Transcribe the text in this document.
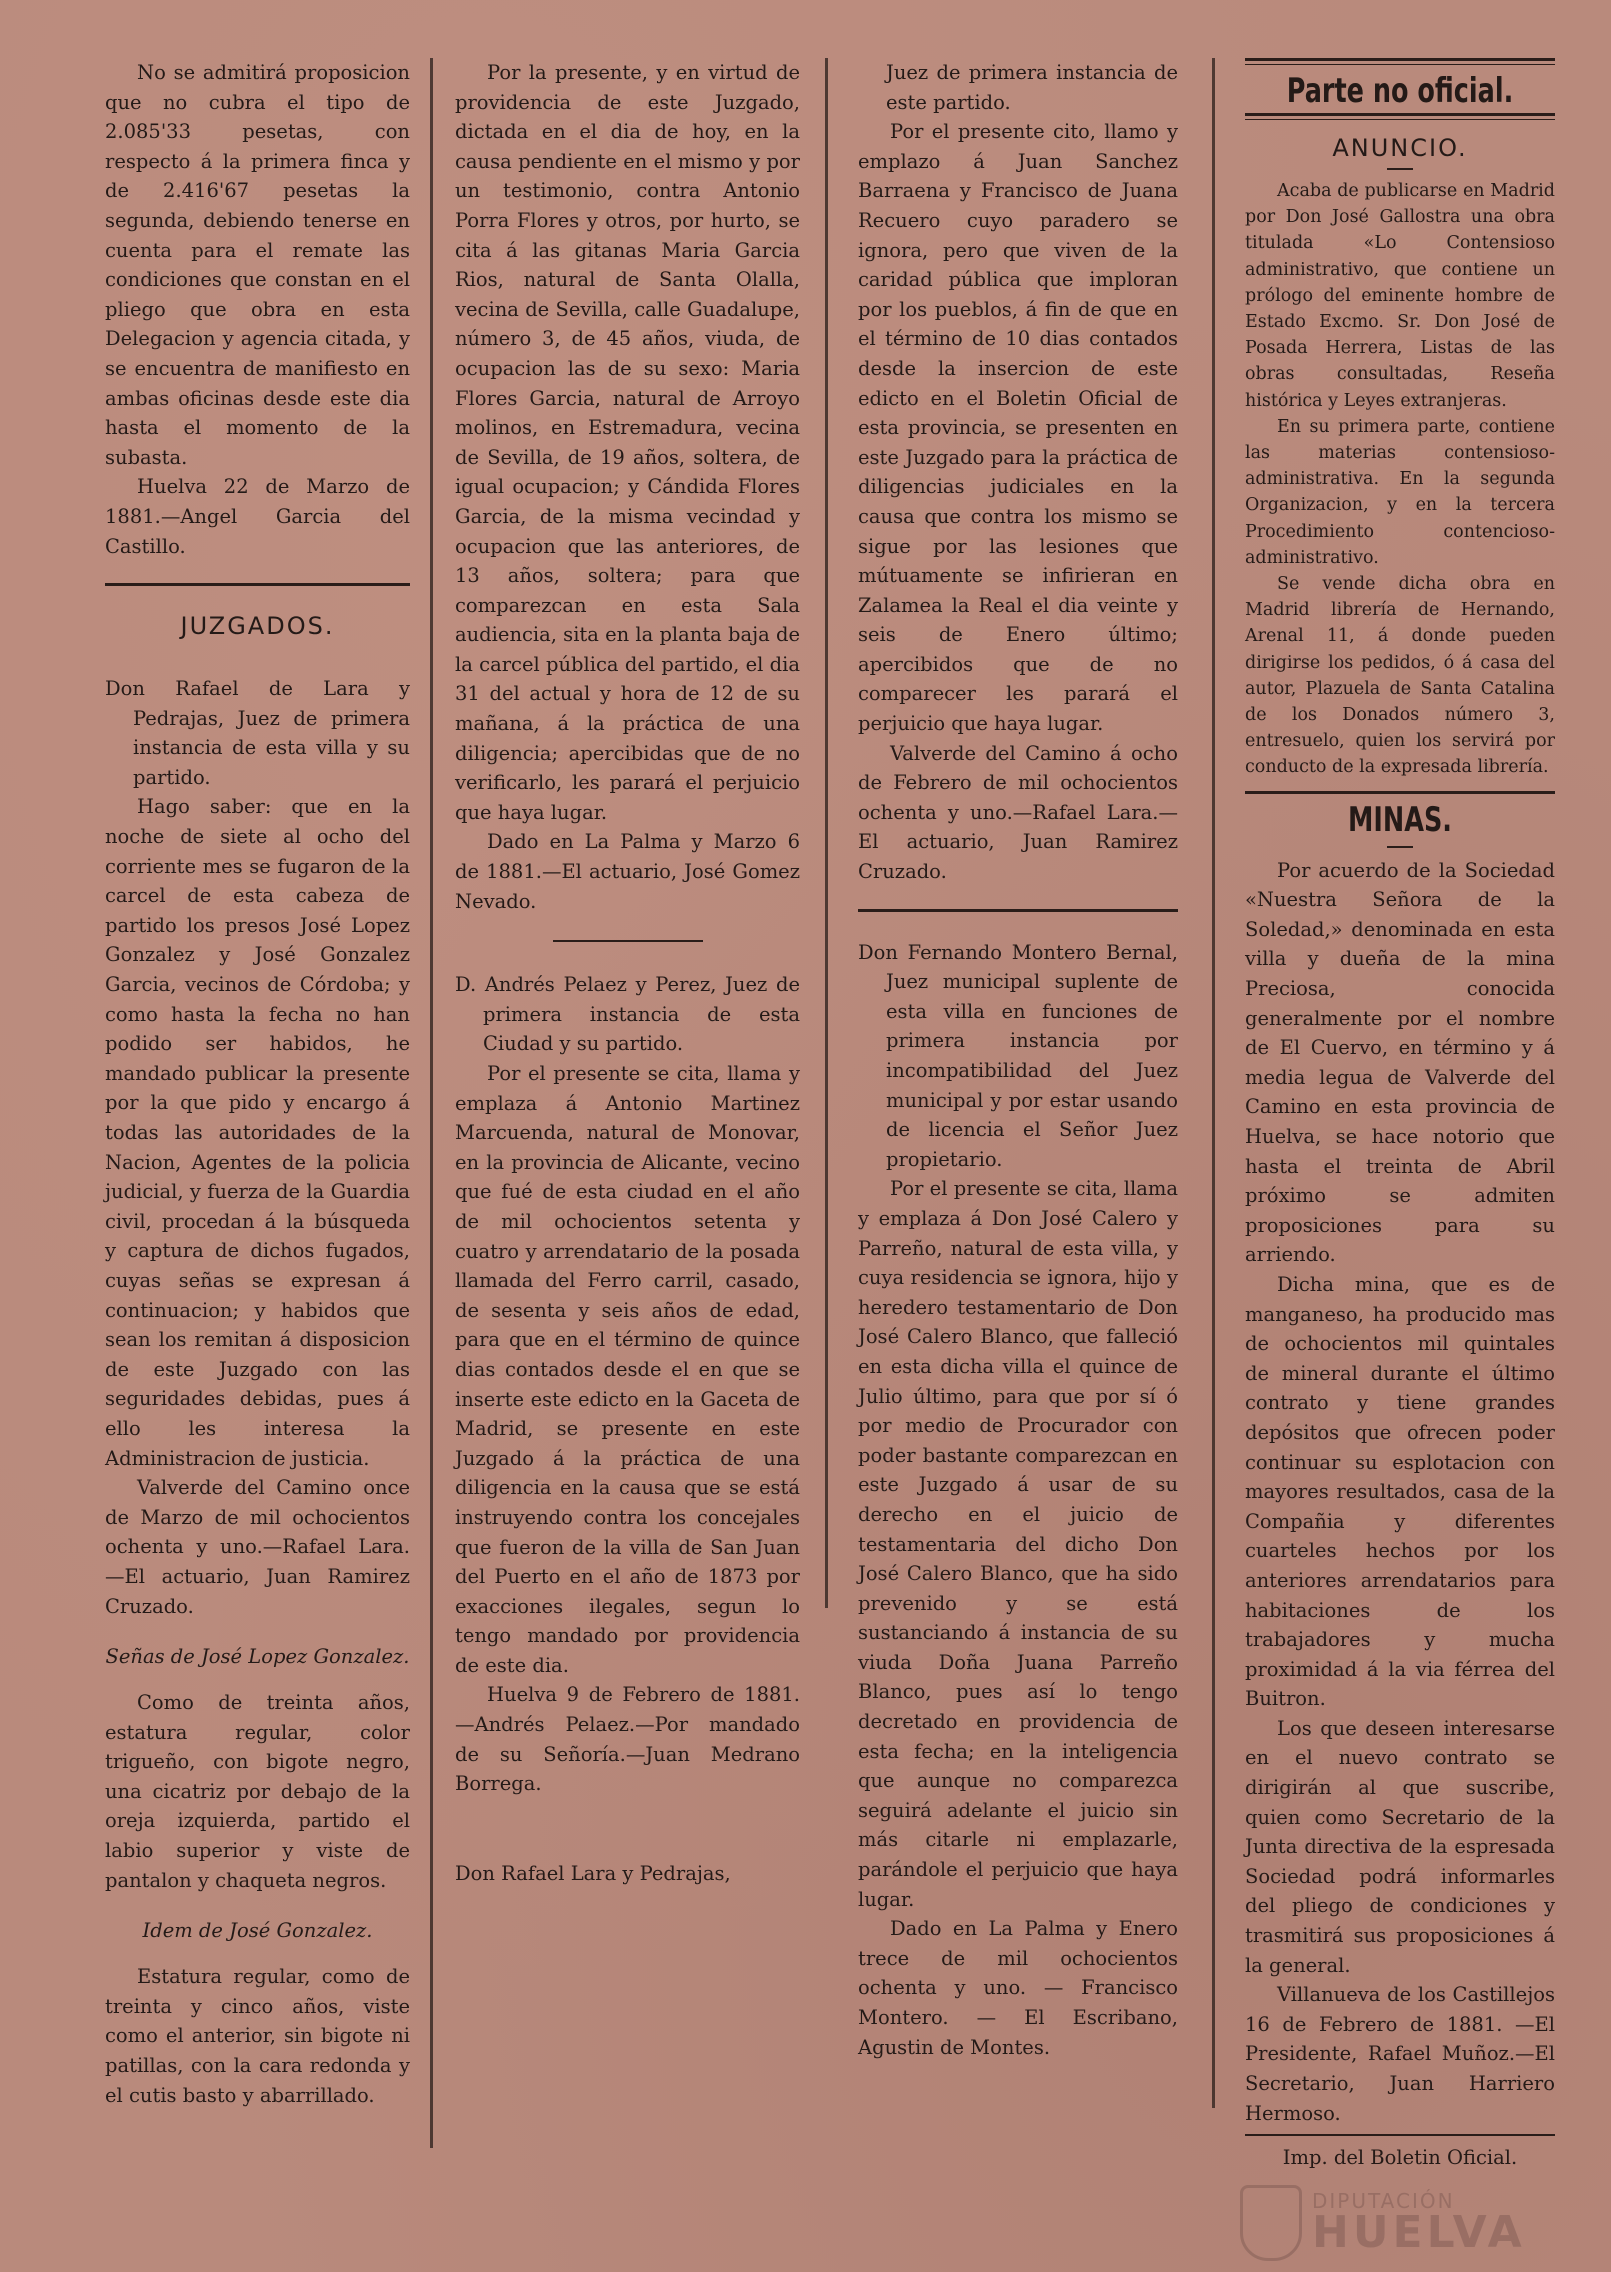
No se admitirá proposicion que no cubra el tipo de 2.085'33 pesetas, con respecto á la primera finca y de 2.416'67 pesetas la segunda, debiendo tenerse en cuenta para el remate las condiciones que constan en el pliego que obra en esta Delegacion y agencia citada, y se encuentra de manifiesto en ambas oficinas desde este dia hasta el momento de la subasta.

Huelva 22 de Marzo de 1881.—Angel Garcia del Castillo.

JUZGADOS.

Don Rafael de Lara y Pedrajas, Juez de primera instancia de esta villa y su partido.

Hago saber: que en la noche de siete al ocho del corriente mes se fugaron de la carcel de esta cabeza de partido los presos José Lopez Gonzalez y José Gonzalez Garcia, vecinos de Córdoba; y como hasta la fecha no han podido ser habidos, he mandado publicar la presente por la que pido y encargo á todas las autoridades de la Nacion, Agentes de la policia judicial, y fuerza de la Guardia civil, procedan á la búsqueda y captura de dichos fugados, cuyas señas se expresan á continuacion; y habidos que sean los remitan á disposicion de este Juzgado con las seguridades debidas, pues á ello les interesa la Administracion de justicia.

Valverde del Camino once de Marzo de mil ochocientos ochenta y uno.—Rafael Lara. —El actuario, Juan Ramirez Cruzado.

Señas de José Lopez Gonzalez.

Como de treinta años, estatura regular, color trigueño, con bigote negro, una cicatriz por debajo de la oreja izquierda, partido el labio superior y viste de pantalon y chaqueta negros.

Idem de José Gonzalez.

Estatura regular, como de treinta y cinco años, viste como el anterior, sin bigote ni patillas, con la cara redonda y el cutis basto y abarrillado.

Por la presente, y en virtud de providencia de este Juzgado, dictada en el dia de hoy, en la causa pendiente en el mismo y por un testimonio, contra Antonio Porra Flores y otros, por hurto, se cita á las gitanas Maria Garcia Rios, natural de Santa Olalla, vecina de Sevilla, calle Guadalupe, número 3, de 45 años, viuda, de ocupacion las de su sexo: Maria Flores Garcia, natural de Arroyo molinos, en Estremadura, vecina de Sevilla, de 19 años, soltera, de igual ocupacion; y Cándida Flores Garcia, de la misma vecindad y ocupacion que las anteriores, de 13 años, soltera; para que comparezcan en esta Sala audiencia, sita en la planta baja de la carcel pública del partido, el dia 31 del actual y hora de 12 de su mañana, á la práctica de una diligencia; apercibidas que de no verificarlo, les parará el perjuicio que haya lugar.

Dado en La Palma y Marzo 6 de 1881.—El actuario, José Gomez Nevado.

D. Andrés Pelaez y Perez, Juez de primera instancia de esta Ciudad y su partido.

Por el presente se cita, llama y emplaza á Antonio Martinez Marcuenda, natural de Monovar, en la provincia de Alicante, vecino que fué de esta ciudad en el año de mil ochocientos setenta y cuatro y arrendatario de la posada llamada del Ferro carril, casado, de sesenta y seis años de edad, para que en el término de quince dias contados desde el en que se inserte este edicto en la Gaceta de Madrid, se presente en este Juzgado á la práctica de una diligencia en la causa que se está instruyendo contra los concejales que fueron de la villa de San Juan del Puerto en el año de 1873 por exacciones ilegales, segun lo tengo mandado por providencia de este dia.

Huelva 9 de Febrero de 1881.—Andrés Pelaez.—Por mandado de su Señoría.—Juan Medrano Borrega.

Don Rafael Lara y Pedrajas,

Juez de primera instancia de este partido.

Por el presente cito, llamo y emplazo á Juan Sanchez Barraena y Francisco de Juana Recuero cuyo paradero se ignora, pero que viven de la caridad pública que imploran por los pueblos, á fin de que en el término de 10 dias contados desde la insercion de este edicto en el Boletin Oficial de esta provincia, se presenten en este Juzgado para la práctica de diligencias judiciales en la causa que contra los mismo se sigue por las lesiones que mútuamente se infirieran en Zalamea la Real el dia veinte y seis de Enero último; apercibidos que de no comparecer les parará el perjuicio que haya lugar.

Valverde del Camino á ocho de Febrero de mil ochocientos ochenta y uno.—Rafael Lara.—El actuario, Juan Ramirez Cruzado.

Don Fernando Montero Bernal, Juez municipal suplente de esta villa en funciones de primera instancia por incompatibilidad del Juez municipal y por estar usando de licencia el Señor Juez propietario.

Por el presente se cita, llama y emplaza á Don José Calero y Parreño, natural de esta villa, y cuya residencia se ignora, hijo y heredero testamentario de Don José Calero Blanco, que falleció en esta dicha villa el quince de Julio último, para que por sí ó por medio de Procurador con poder bastante comparezcan en este Juzgado á usar de su derecho en el juicio de testamentaria del dicho Don José Calero Blanco, que ha sido prevenido y se está sustanciando á instancia de su viuda Doña Juana Parreño Blanco, pues así lo tengo decretado en providencia de esta fecha; en la inteligencia que aunque no comparezca seguirá adelante el juicio sin más citarle ni emplazarle, parándole el perjuicio que haya lugar.

Dado en La Palma y Enero trece de mil ochocientos ochenta y uno. — Francisco Montero. — El Escribano, Agustin de Montes.

Parte no oficial.
ANUNCIO.

Acaba de publicarse en Madrid por Don José Gallostra una obra titulada «Lo Contensioso administrativo, que contiene un prólogo del eminente hombre de Estado Excmo. Sr. Don José de Posada Herrera, Listas de las obras consultadas, Reseña histórica y Leyes extranjeras.

En su primera parte, contiene las materias contensioso-administrativa. En la segunda Organizacion, y en la tercera Procedimiento contencioso-administrativo.

Se vende dicha obra en Madrid librería de Hernando, Arenal 11, á donde pueden dirigirse los pedidos, ó á casa del autor, Plazuela de Santa Catalina de los Donados número 3, entresuelo, quien los servirá por conducto de la expresada librería.

MINAS.

Por acuerdo de la Sociedad «Nuestra Señora de la Soledad,» denominada en esta villa y dueña de la mina Preciosa, conocida generalmente por el nombre de El Cuervo, en término y á media legua de Valverde del Camino en esta provincia de Huelva, se hace notorio que hasta el treinta de Abril próximo se admiten proposiciones para su arriendo.

Dicha mina, que es de manganeso, ha producido mas de ochocientos mil quintales de mineral durante el último contrato y tiene grandes depósitos que ofrecen poder continuar su esplotacion con mayores resultados, casa de la Compañia y diferentes cuarteles hechos por los anteriores arrendatarios para habitaciones de los trabajadores y mucha proximidad á la via férrea del Buitron.

Los que deseen interesarse en el nuevo contrato se dirigirán al que suscribe, quien como Secretario de la Junta directiva de la espresada Sociedad podrá informarles del pliego de condiciones y trasmitirá sus proposiciones á la general.

Villanueva de los Castillejos 16 de Febrero de 1881. —El Presidente, Rafael Muñoz.—El Secretario, Juan Harriero Hermoso.

Imp. del Boletin Oficial.
DIPUTACIÓN
HUELVA
